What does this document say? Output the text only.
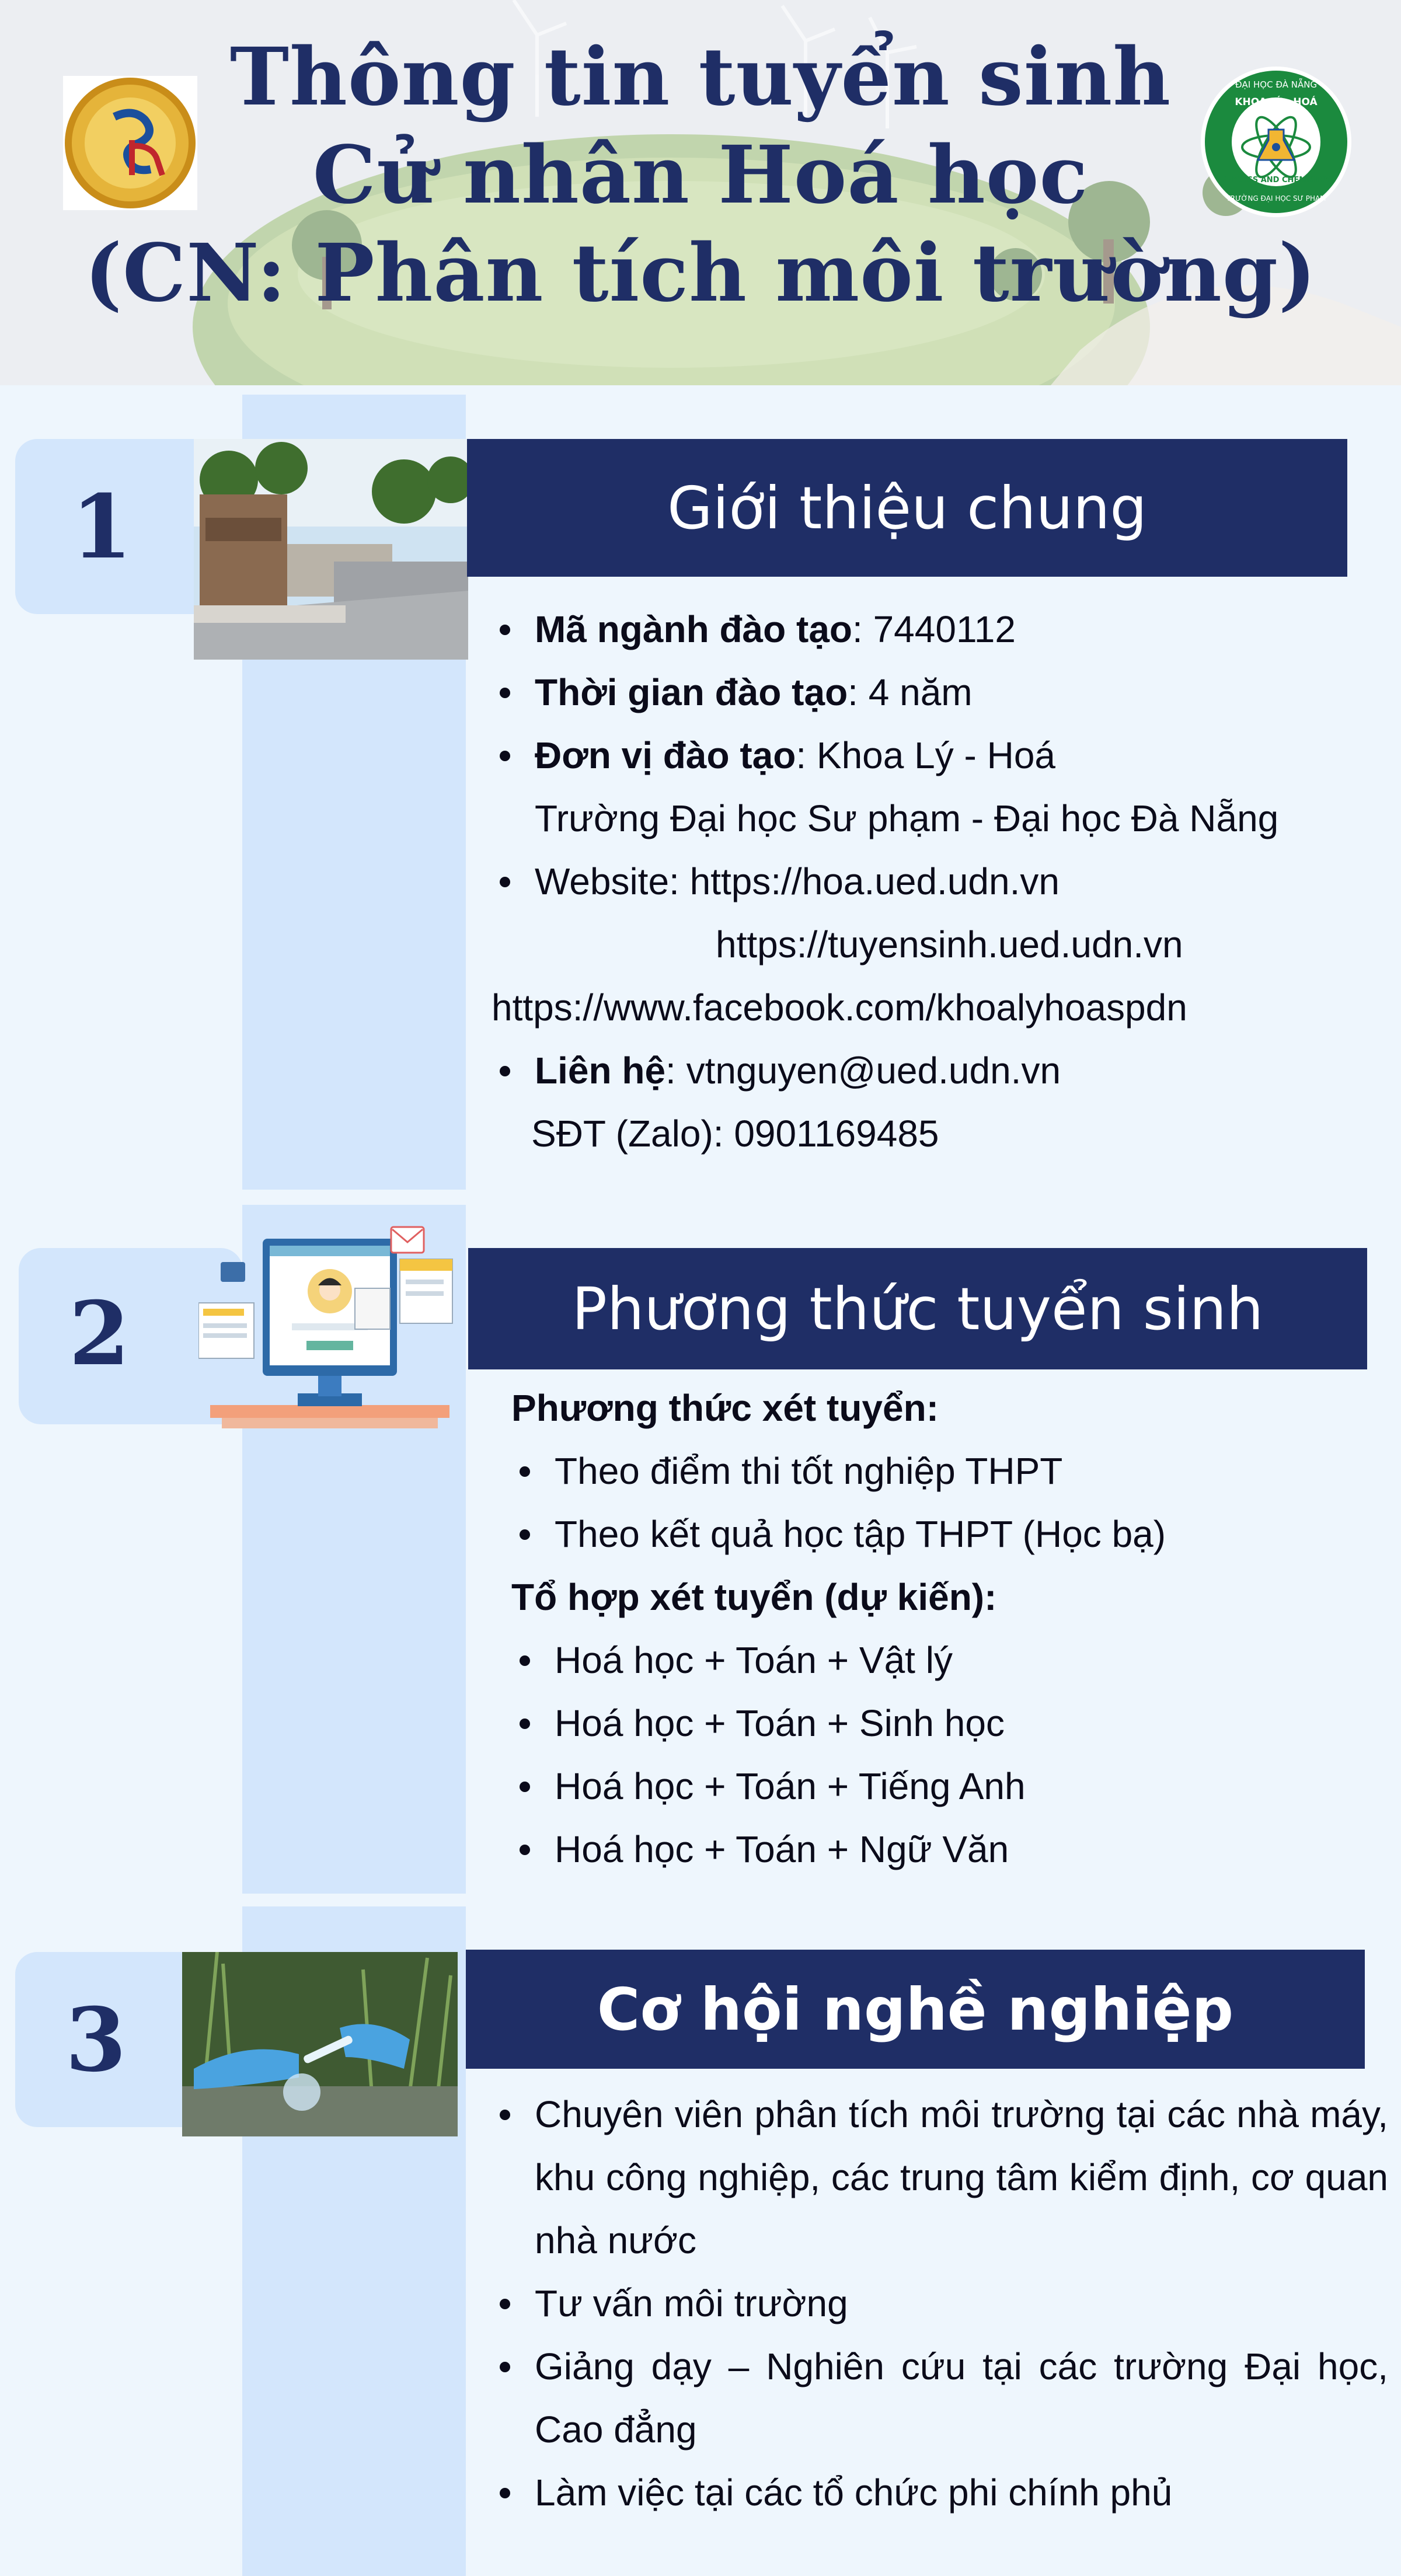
Thông tin tuyển sinh
Cử nhân Hoá học
(CN: Phân tích môi trường)
ĐẠI HỌC ĐÀ NẴNG
KHOA LÝ - HOÁ
PHYSICS AND CHEMISTRY
TRƯỜNG ĐẠI HỌC SƯ PHẠM
1	Giới thiệu chung
Mã ngành đào tạo: 7440112
Thời gian đào tạo: 4 năm
Đơn vị đào tạo: Khoa Lý - Hoá
Trường Đại học Sư phạm - Đại học Đà Nẵng
Website: https://hoa.ued.udn.vn
https://tuyensinh.ued.udn.vn
https://www.facebook.com/khoalyhoaspdn
Liên hệ: vtnguyen@ued.udn.vn
SĐT (Zalo): 0901169485
2	Phương thức tuyển sinh
Phương thức xét tuyển:
Theo điểm thi tốt nghiệp THPT
Theo kết quả học tập THPT (Học bạ)
Tổ hợp xét tuyển (dự kiến):
Hoá học + Toán + Vật lý
Hoá học + Toán + Sinh học
Hoá học + Toán + Tiếng Anh
Hoá học + Toán + Ngữ Văn
3	Cơ hội nghề nghiệp
Chuyên viên phân tích môi trường tại các nhà máy, khu công nghiệp, các trung tâm kiểm định, cơ quan nhà nước
Tư vấn môi trường
Giảng dạy – Nghiên cứu tại các trường Đại học, Cao đẳng
Làm việc tại các tổ chức phi chính phủ
